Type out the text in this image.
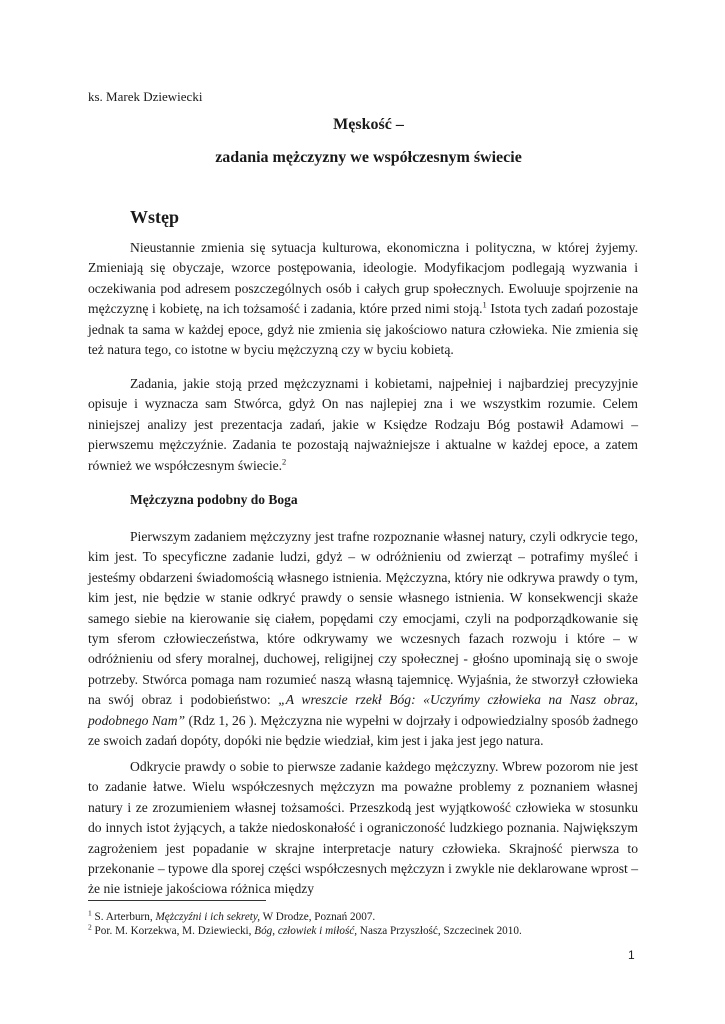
ks. Marek Dziewiecki
Męskość –
zadania mężczyzny we współczesnym świecie
Wstęp

Nieustannie zmienia się sytuacja kulturowa, ekonomiczna i polityczna, w której żyjemy. Zmieniają się obyczaje, wzorce postępowania, ideologie. Modyfikacjom podlegają wyzwania i oczekiwania pod adresem poszczególnych osób i całych grup społecznych. Ewoluuje spojrzenie na mężczyznę i kobietę, na ich tożsamość i zadania, które przed nimi stoją.$^1$ Istota tych zadań pozostaje jednak ta sama w każdej epoce, gdyż nie zmienia się jakościowo natura człowieka. Nie zmienia się też natura tego, co istotne w byciu mężczyzną czy w byciu kobietą.

Zadania, jakie stoją przed mężczyznami i kobietami, najpełniej i najbardziej precyzyjnie opisuje i wyznacza sam Stwórca, gdyż On nas najlepiej zna i we wszystkim rozumie. Celem niniejszej analizy jest prezentacja zadań, jakie w Księdze Rodzaju Bóg postawił Adamowi – pierwszemu mężczyźnie. Zadania te pozostają najważniejsze i aktualne w każdej epoce, a zatem również we współczesnym świecie.$^2$

Mężczyzna podobny do Boga

Pierwszym zadaniem mężczyzny jest trafne rozpoznanie własnej natury, czyli odkrycie tego, kim jest. To specyficzne zadanie ludzi, gdyż – w odróżnieniu od zwierząt – potrafimy myśleć i jesteśmy obdarzeni świadomością własnego istnienia. Mężczyzna, który nie odkrywa prawdy o tym, kim jest, nie będzie w stanie odkryć prawdy o sensie własnego istnienia. W konsekwencji skaże samego siebie na kierowanie się ciałem, popędami czy emocjami, czyli na podporządkowanie się tym sferom człowieczeństwa, które odkrywamy we wczesnych fazach rozwoju i które – w odróżnieniu od sfery moralnej, duchowej, religijnej czy społecznej - głośno upominają się o swoje potrzeby. Stwórca pomaga nam rozumieć naszą własną tajemnicę. Wyjaśnia, że stworzył człowieka na swój obraz i podobieństwo: „A wreszcie rzekł Bóg: «Uczyńmy człowieka na Nasz obraz, podobnego Nam” (Rdz 1, 26 ). Mężczyzna nie wypełni w dojrzały i odpowiedzialny sposób żadnego ze swoich zadań dopóty, dopóki nie będzie wiedział, kim jest i jaka jest jego natura.

Odkrycie prawdy o sobie to pierwsze zadanie każdego mężczyzny. Wbrew pozorom nie jest to zadanie łatwe. Wielu współczesnych mężczyzn ma poważne problemy z poznaniem własnej natury i ze zrozumieniem własnej tożsamości. Przeszkodą jest wyjątkowość człowieka w stosunku do innych istot żyjących, a także niedoskonałość i ograniczoność ludzkiego poznania. Największym zagrożeniem jest popadanie w skrajne interpretacje natury człowieka. Skrajność pierwsza to przekonanie – typowe dla sporej części współczesnych mężczyzn i zwykle nie deklarowane wprost – że nie istnieje jakościowa różnica między

$^1$ S. Arterburn, Mężczyźni i ich sekrety, W Drodze, Poznań 2007.
$^2$ Por. M. Korzekwa, M. Dziewiecki, Bóg, człowiek i miłość, Nasza Przyszłość, Szczecinek 2010.
1
